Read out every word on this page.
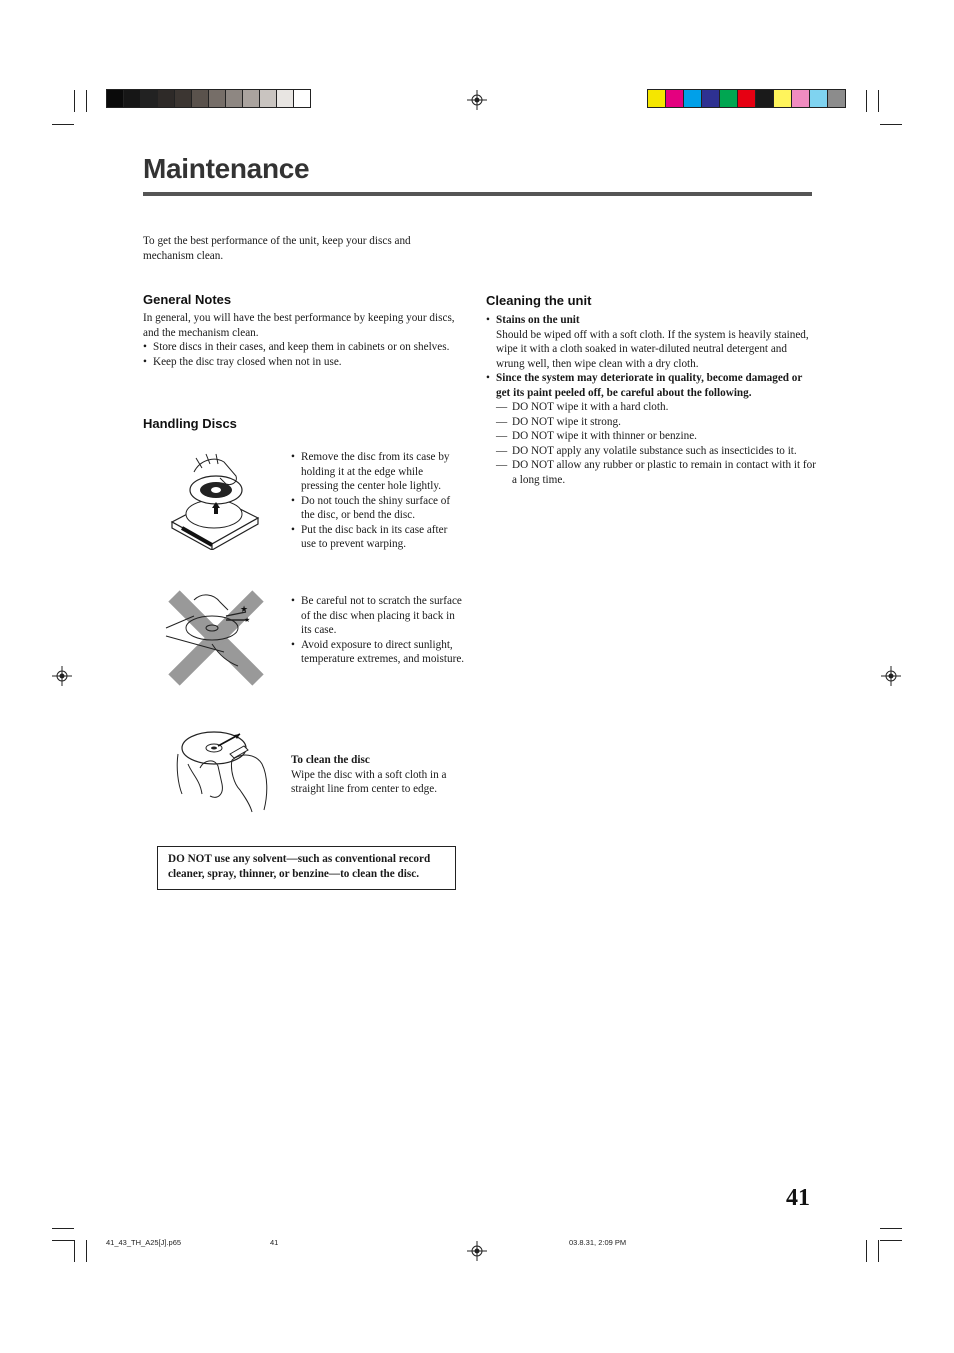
Maintenance
To get the best performance of the unit, keep your discs and mechanism clean.
General Notes
In general, you will have the best performance by keeping your discs, and the mechanism clean.
• Store discs in their cases, and keep them in cabinets or on shelves.
• Keep the disc tray closed when not in use.
Handling Discs
• Remove the disc from its case by holding it at the edge while pressing the center hole lightly.
• Do not touch the shiny surface of the disc, or bend the disc.
• Put the disc back in its case after use to prevent warping.
★
★
• Be careful not to scratch the surface of the disc when placing it back in its case.
• Avoid exposure to direct sunlight, temperature extremes, and moisture.
To clean the disc
Wipe the disc with a soft cloth in a straight line from center to edge.
DO NOT use any solvent—such as conventional record cleaner, spray, thinner, or benzine—to clean the disc.
Cleaning the unit
• Stains on the unit
Should be wiped off with a soft cloth. If the system is heavily stained, wipe it with a cloth soaked in water-diluted neutral detergent and wrung well, then wipe clean with a dry cloth.
• Since the system may deteriorate in quality, become damaged or get its paint peeled off, be careful about the following.
— DO NOT wipe it with a hard cloth.
— DO NOT wipe it strong.
— DO NOT wipe it with thinner or benzine.
— DO NOT apply any volatile substance such as insecticides to it.
— DO NOT allow any rubber or plastic to remain in contact with it for a long time.
41
41_43_TH_A25[J].p65	41	03.8.31, 2:09 PM
